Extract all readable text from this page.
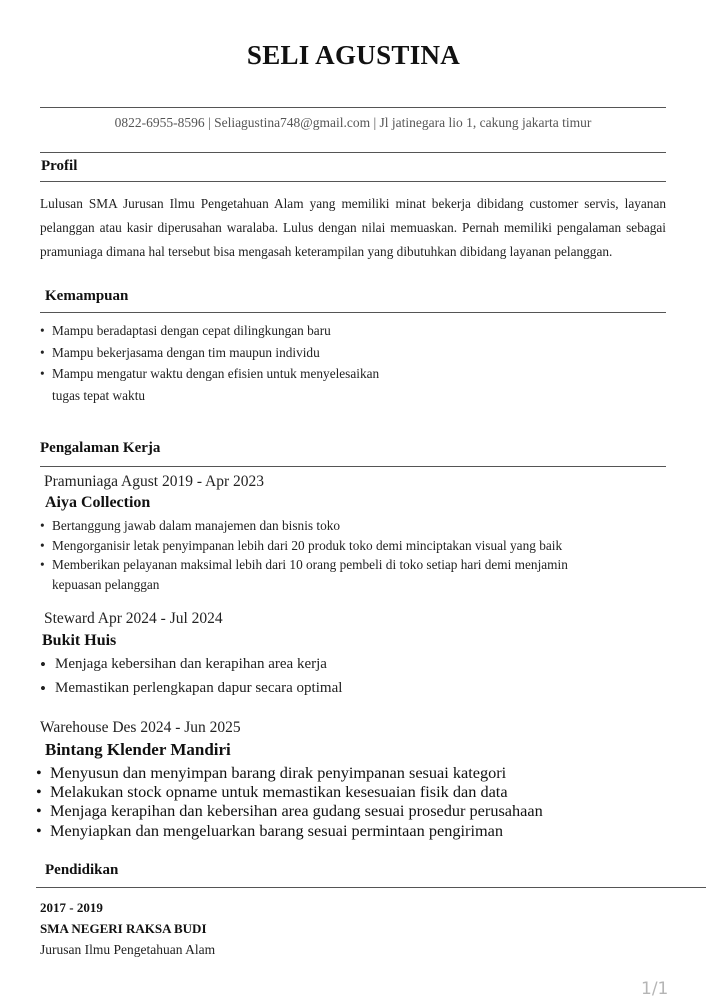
SELI AGUSTINA
0822-6955-8596 | Seliagustina748@gmail.com | Jl jatinegara lio 1, cakung jakarta timur
Profil
Lulusan SMA Jurusan Ilmu Pengetahuan Alam yang memiliki minat bekerja dibidang customer servis, layanan pelanggan atau kasir diperusahan waralaba. Lulus dengan nilai memuaskan. Pernah memiliki pengalaman sebagai pramuniaga dimana hal tersebut bisa mengasah keterampilan yang dibutuhkan dibidang layanan pelanggan.
Kemampuan
• Mampu beradaptasi dengan cepat dilingkungan baru
• Mampu bekerjasama dengan tim maupun individu
• Mampu mengatur waktu dengan efisien untuk menyelesaikan
tugas tepat waktu
Pengalaman Kerja
Pramuniaga Agust 2019 - Apr 2023
Aiya Collection
• Bertanggung jawab dalam manajemen dan bisnis toko
• Mengorganisir letak penyimpanan lebih dari 20 produk toko demi minciptakan visual yang baik
• Memberikan pelayanan maksimal lebih dari 10 orang pembeli di toko setiap hari demi menjamin
kepuasan pelanggan
Steward Apr 2024 - Jul 2024
Bukit Huis
• Menjaga kebersihan dan kerapihan area kerja
• Memastikan perlengkapan dapur secara optimal
Warehouse Des 2024 - Jun 2025
Bintang Klender Mandiri
• Menyusun dan menyimpan barang dirak penyimpanan sesuai kategori
• Melakukan stock opname untuk memastikan kesesuaian fisik dan data
• Menjaga kerapihan dan kebersihan area gudang sesuai prosedur perusahaan
• Menyiapkan dan mengeluarkan barang sesuai permintaan pengiriman
Pendidikan
2017 - 2019
SMA NEGERI RAKSA BUDI
Jurusan Ilmu Pengetahuan Alam
1/1
